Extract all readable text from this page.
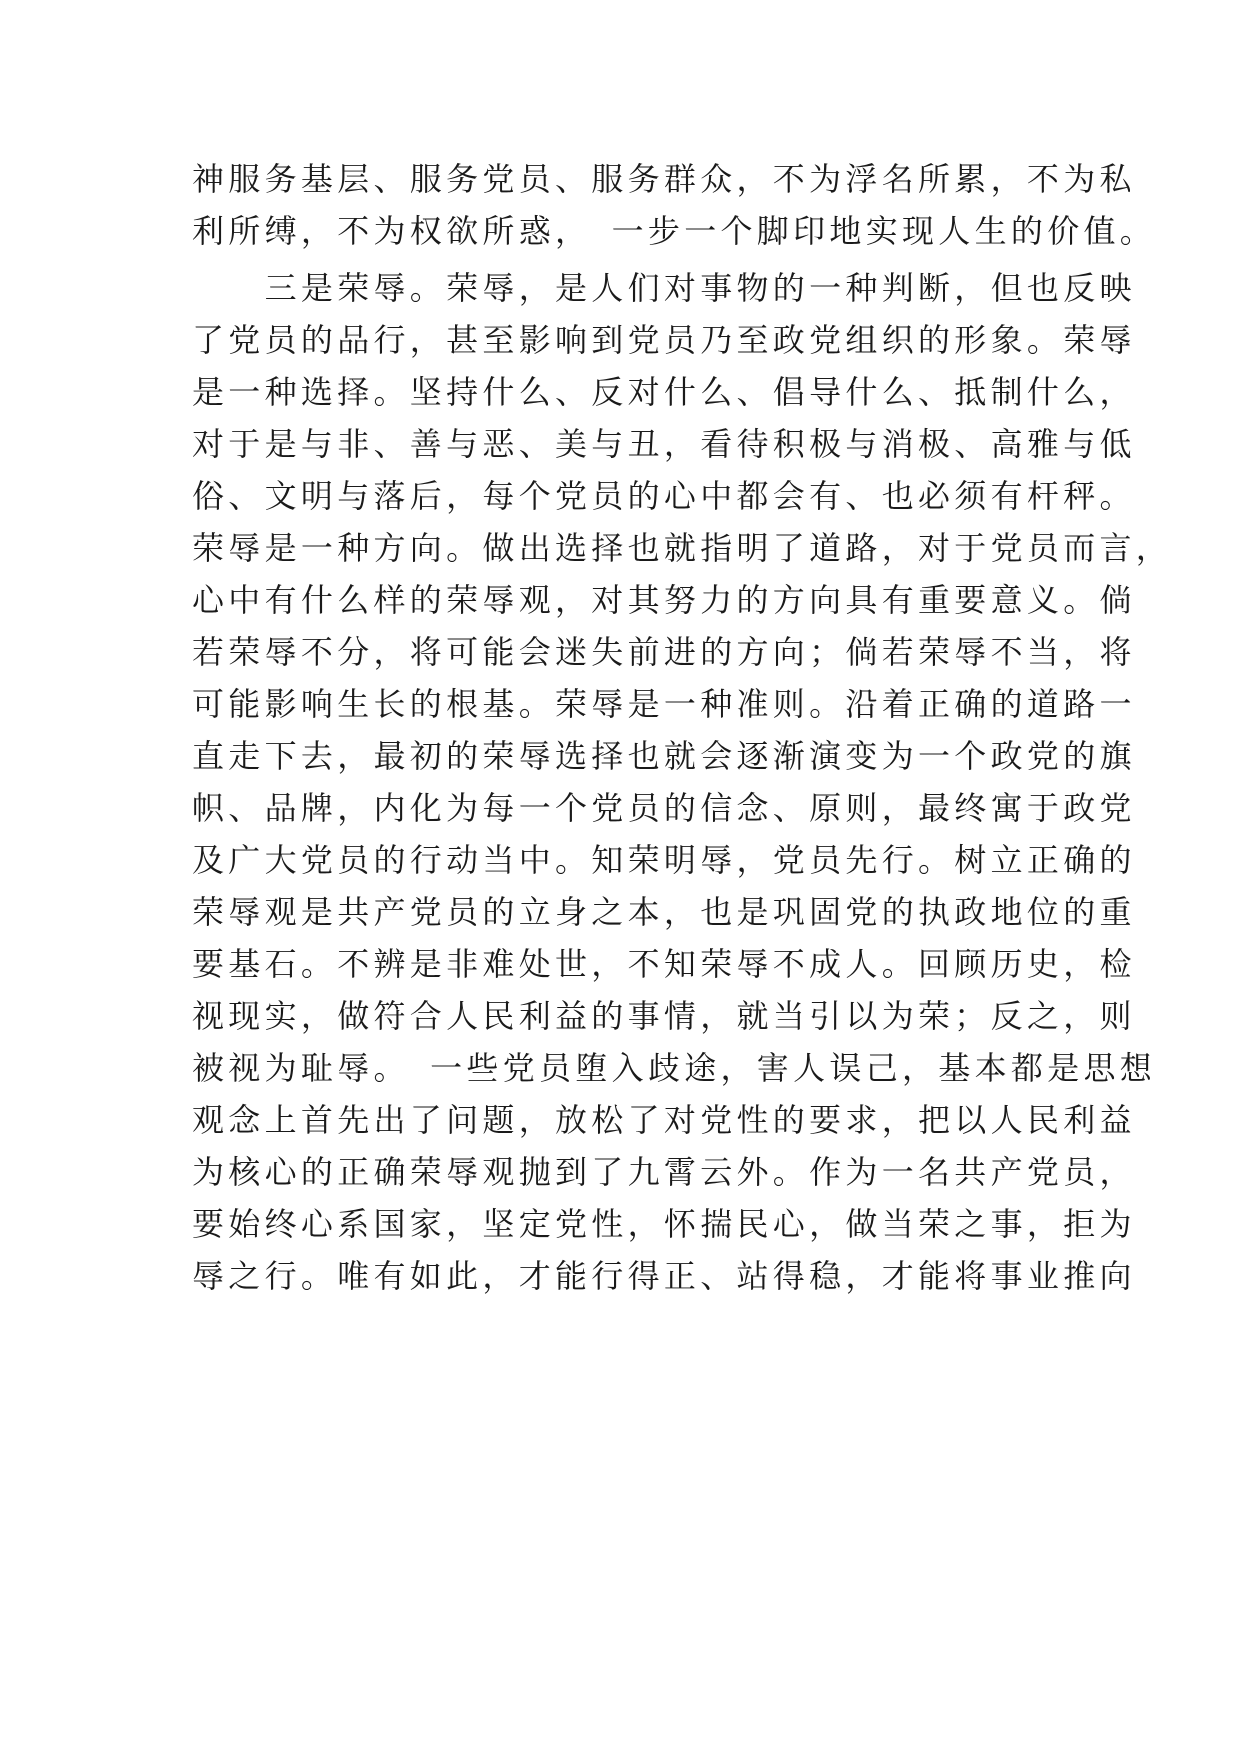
神服务基层、服务党员、服务群众，不为浮名所累，不为私
利所缚，不为权欲所惑，　一步一个脚印地实现人生的价值。
　　三是荣辱。荣辱，是人们对事物的一种判断，但也反映
了党员的品行，甚至影响到党员乃至政党组织的形象。荣辱
是一种选择。坚持什么、反对什么、倡导什么、抵制什么，
对于是与非、善与恶、美与丑，看待积极与消极、高雅与低
俗、文明与落后，每个党员的心中都会有、也必须有杆秤。
荣辱是一种方向。做出选择也就指明了道路，对于党员而言，
心中有什么样的荣辱观，对其努力的方向具有重要意义。倘
若荣辱不分，将可能会迷失前进的方向；倘若荣辱不当，将
可能影响生长的根基。荣辱是一种准则。沿着正确的道路一
直走下去，最初的荣辱选择也就会逐渐演变为一个政党的旗
帜、品牌，内化为每一个党员的信念、原则，最终寓于政党
及广大党员的行动当中。知荣明辱，党员先行。树立正确的
荣辱观是共产党员的立身之本，也是巩固党的执政地位的重
要基石。不辨是非难处世，不知荣辱不成人。回顾历史，检
视现实，做符合人民利益的事情，就当引以为荣；反之，则
被视为耻辱。　一些党员堕入歧途，害人误己，基本都是思想
观念上首先出了问题，放松了对党性的要求，把以人民利益
为核心的正确荣辱观抛到了九霄云外。作为一名共产党员，
要始终心系国家，坚定党性，怀揣民心，做当荣之事，拒为
辱之行。唯有如此，才能行得正、站得稳，才能将事业推向
